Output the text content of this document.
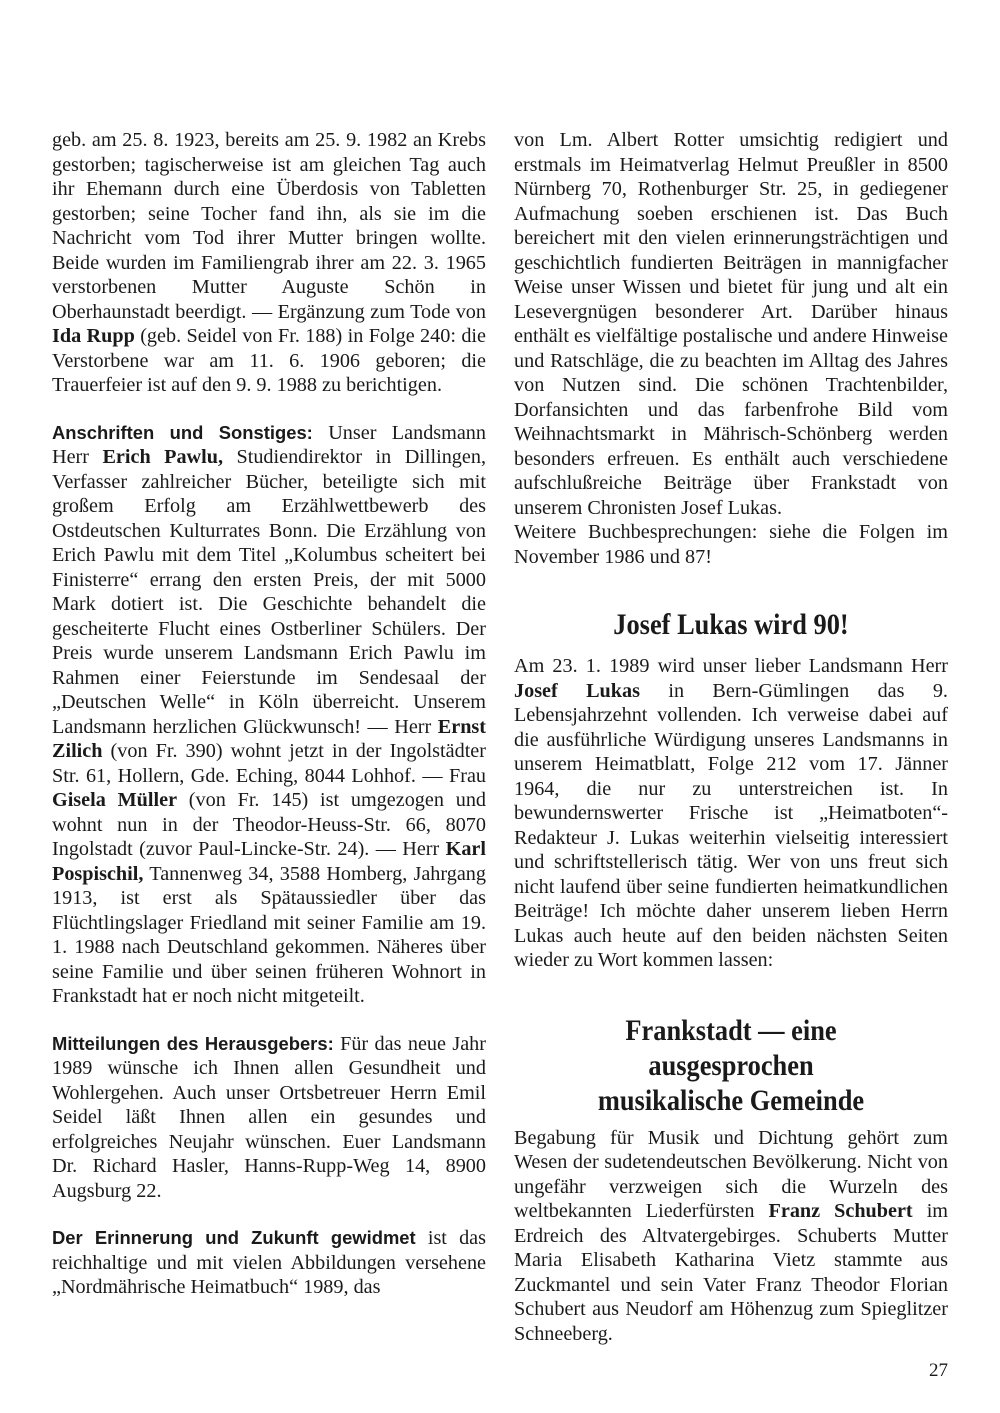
geb. am 25. 8. 1923, bereits am 25. 9. 1982 an Krebs gestorben; tagischerweise ist am gleichen Tag auch ihr Ehemann durch eine Überdosis von Tabletten gestorben; seine Tocher fand ihn, als sie im die Nachricht vom Tod ihrer Mutter bringen wollte. Beide wurden im Familiengrab ihrer am 22. 3. 1965 verstorbenen Mutter Auguste Schön in Oberhaunstadt beerdigt. — Ergänzung zum Tode von Ida Rupp (geb. Seidel von Fr. 188) in Folge 240: die Verstorbene war am 11. 6. 1906 geboren; die Trauerfeier ist auf den 9. 9. 1988 zu berichtigen.

Anschriften und Sonstiges: Unser Landsmann Herr Erich Pawlu, Studiendirektor in Dillingen, Verfasser zahlreicher Bücher, beteiligte sich mit großem Erfolg am Erzählwettbewerb des Ostdeutschen Kulturrates Bonn. Die Erzählung von Erich Pawlu mit dem Titel „Kolumbus scheitert bei Finisterre“ errang den ersten Preis, der mit 5000 Mark dotiert ist. Die Geschichte behandelt die gescheiterte Flucht eines Ostberliner Schülers. Der Preis wurde unserem Landsmann Erich Pawlu im Rahmen einer Feierstunde im Sendesaal der „Deutschen Welle“ in Köln überreicht. Unserem Landsmann herzlichen Glückwunsch! — Herr Ernst Zilich (von Fr. 390) wohnt jetzt in der Ingolstädter Str. 61, Hollern, Gde. Eching, 8044 Lohhof. — Frau Gisela Müller (von Fr. 145) ist umgezogen und wohnt nun in der Theodor-Heuss-Str. 66, 8070 Ingolstadt (zuvor Paul-Lincke-Str. 24). — Herr Karl Pospischil, Tannenweg 34, 3588 Homberg, Jahrgang 1913, ist erst als Spätaussiedler über das Flüchtlingslager Friedland mit seiner Familie am 19. 1. 1988 nach Deutschland gekommen. Näheres über seine Familie und über seinen früheren Wohnort in Frankstadt hat er noch nicht mitgeteilt.

Mitteilungen des Herausgebers: Für das neue Jahr 1989 wünsche ich Ihnen allen Gesundheit und Wohlergehen. Auch unser Ortsbetreuer Herrn Emil Seidel läßt Ihnen allen ein gesundes und erfolgreiches Neujahr wünschen. Euer Landsmann Dr. Richard Hasler, Hanns-Rupp-Weg 14, 8900 Augsburg 22.

Der Erinnerung und Zukunft gewidmet ist das reichhaltige und mit vielen Abbildungen versehene „Nordmährische Heimatbuch“ 1989, das

von Lm. Albert Rotter umsichtig redigiert und erstmals im Heimatverlag Helmut Preußler in 8500 Nürnberg 70, Rothenburger Str. 25, in gediegener Aufmachung soeben erschienen ist. Das Buch bereichert mit den vielen erinnerungsträchtigen und geschichtlich fundierten Beiträgen in mannigfacher Weise unser Wissen und bietet für jung und alt ein Lesevergnügen besonderer Art. Darüber hinaus enthält es vielfältige postalische und andere Hinweise und Ratschläge, die zu beachten im Alltag des Jahres von Nutzen sind. Die schönen Trachtenbilder, Dorfansichten und das farbenfrohe Bild vom Weihnachtsmarkt in Mährisch-Schönberg werden besonders erfreuen. Es enthält auch verschiedene aufschlußreiche Beiträge über Frankstadt von unserem Chronisten Josef Lukas.

Weitere Buchbesprechungen: siehe die Folgen im November 1986 und 87!

Josef Lukas wird 90!

Am 23. 1. 1989 wird unser lieber Landsmann Herr Josef Lukas in Bern-Gümlingen das 9. Lebensjahrzehnt vollenden. Ich verweise dabei auf die ausführliche Würdigung unseres Landsmanns in unserem Heimatblatt, Folge 212 vom 17. Jänner 1964, die nur zu unterstreichen ist. In bewundernswerter Frische ist „Heimatboten“-Redakteur J. Lukas weiterhin vielseitig interessiert und schriftstellerisch tätig. Wer von uns freut sich nicht laufend über seine fundierten heimatkundlichen Beiträge! Ich möchte daher unserem lieben Herrn Lukas auch heute auf den beiden nächsten Seiten wieder zu Wort kommen lassen:

Frankstadt — eine ausgesprochen
musikalische Gemeinde

Begabung für Musik und Dichtung gehört zum Wesen der sudetendeutschen Bevölkerung. Nicht von ungefähr verzweigen sich die Wurzeln des weltbekannten Liederfürsten Franz Schubert im Erdreich des Altvatergebirges. Schuberts Mutter Maria Elisabeth Katharina Vietz stammte aus Zuckmantel und sein Vater Franz Theodor Florian Schubert aus Neudorf am Höhenzug zum Spieglitzer Schneeberg.

27
